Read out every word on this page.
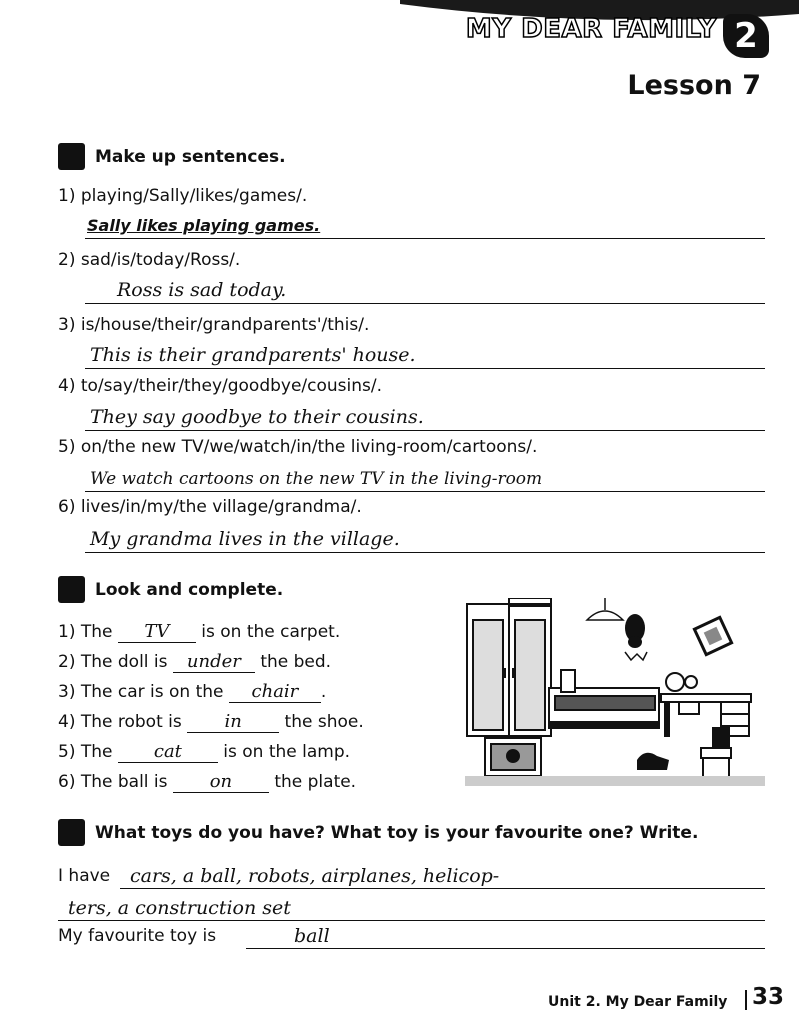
MY DEAR FAMILY 2
Lesson 7
Make up sentences.
1) playing/Sally/likes/games/.
Sally likes playing games.
2) sad/is/today/Ross/.
Ross is sad today.
3) is/house/their/grandparents'/this/.
This is their grandparents' house.
4) to/say/their/they/goodbye/cousins/.
They say goodbye to their cousins.
5) on/the new TV/we/watch/in/the living-room/cartoons/.
We watch cartoons on the new TV in the living-room
6) lives/in/my/the village/grandma/.
My grandma lives in the village.
Look and complete.
1) The TV is on the carpet.
2) The doll is under the bed.
3) The car is on the chair .
4) The robot is in	the shoe.
5) The cat is on the lamp.
6) The ball is on the plate.
What toys do you have? What toy is your favourite one? Write.
I have cars, a ball, robots, airplanes, helicop-
ters, a construction set
My favourite toy is	ball
Unit 2. My Dear Family 33
